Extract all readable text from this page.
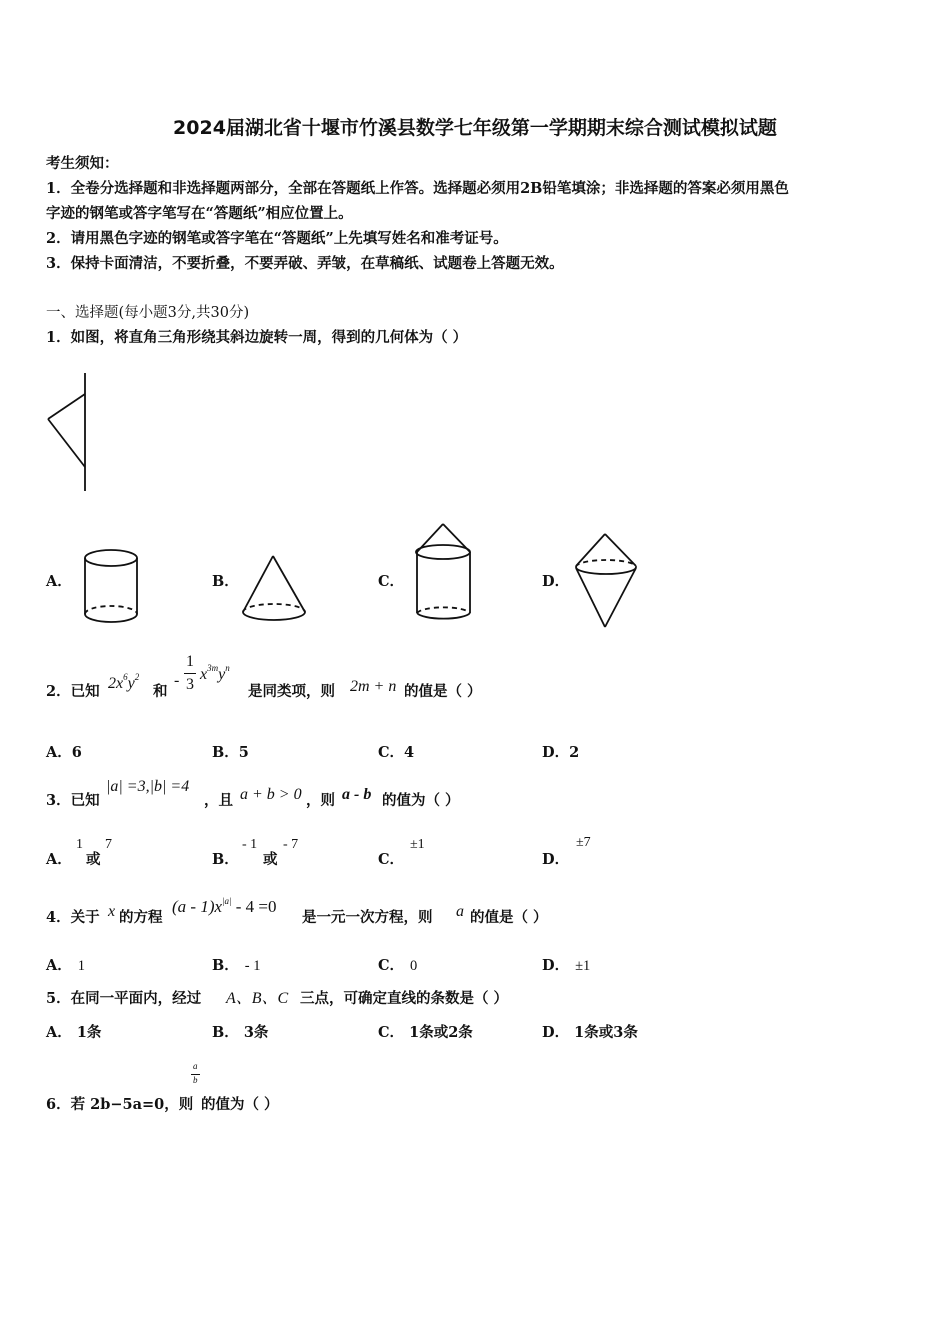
2024届湖北省十堰市竹溪县数学七年级第一学期期末综合测试模拟试题
考生须知：
1．全卷分选择题和非选择题两部分，全部在答题纸上作答。选择题必须用2B铅笔填涂；非选择题的答案必须用黑色
字迹的钢笔或答字笔写在“答题纸”相应位置上。
2．请用黑色字迹的钢笔或答字笔在“答题纸”上先填写姓名和准考证号。
3．保持卡面清洁，不要折叠，不要弄破、弄皱，在草稿纸、试题卷上答题无效。
一、选择题(每小题3分,共30分)
1．如图，将直角三角形绕其斜边旋转一周，得到的几何体为（ ）
A．	B．	C．	D．
2．已知 $2x^6y^2$
和
-
1
3
$x^{3m}y^n$
是同类项，则 2m + n 的值是（ ）
A．6	B．5	C．4	D．2
3．已知
|a| =3,|b| =4
，且 a + b > 0 ，则 a - b 的值为（ ）
A．
1
或
7
B．
- 1
或
- 7
C．
±1
D．
±7
4．关于 x 的方程
$(a - 1)x^{|a|} - 4 =0$
是一元一次方程，则 a 的值是（ ）
A． 1	B． - 1	C． 0	D． ±1
5．在同一平面内，经过 A、B、C 三点，可确定直线的条数是（ ）
A． 1条	B． 3条	C． 1条或2条	D． 1条或3条
6．若 2b−5a=0，则
a
b
的值为（ ）
